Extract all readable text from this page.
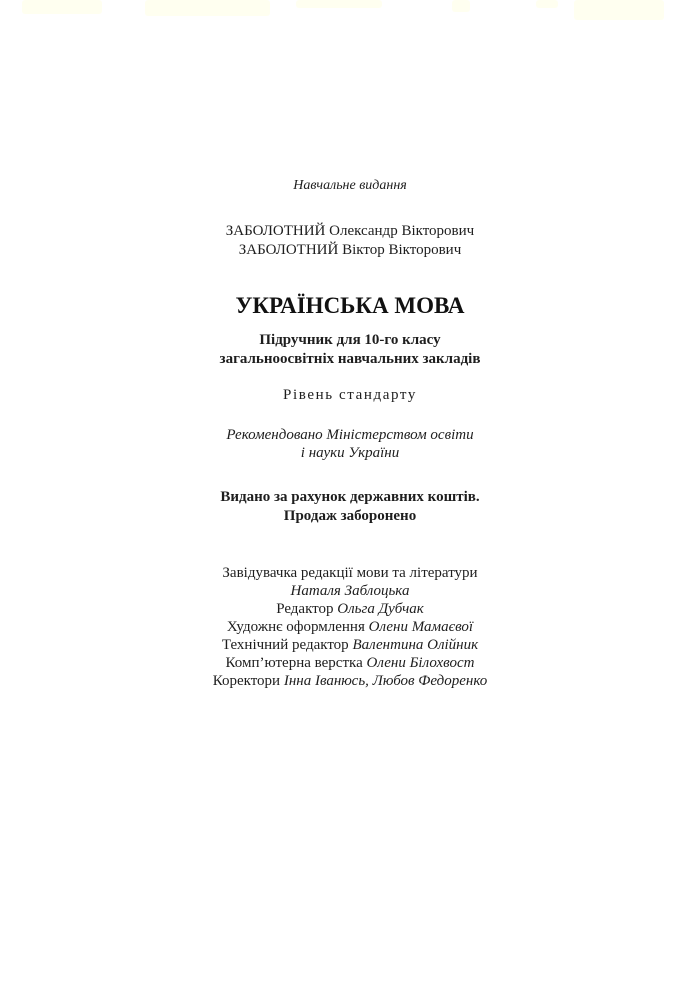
Навчальне видання
ЗАБОЛОТНИЙ Олександр Вікторович
ЗАБОЛОТНИЙ Віктор Вікторович
УКРАЇНСЬКА МОВА
Підручник для 10-го класу
загальноосвітніх навчальних закладів
Рівень стандарту
Рекомендовано Міністерством освіти
і науки України
Видано за рахунок державних коштів.
Продаж заборонено
Завідувачка редакції мови та літератури
Наталя Заблоцька
Редактор Ольга Дубчак
Художнє оформлення Олени Мамаєвої
Технічний редактор Валентина Олійник
Комп’ютерна верстка Олени Білохвост
Коректори Інна Іванюсь, Любов Федоренко
